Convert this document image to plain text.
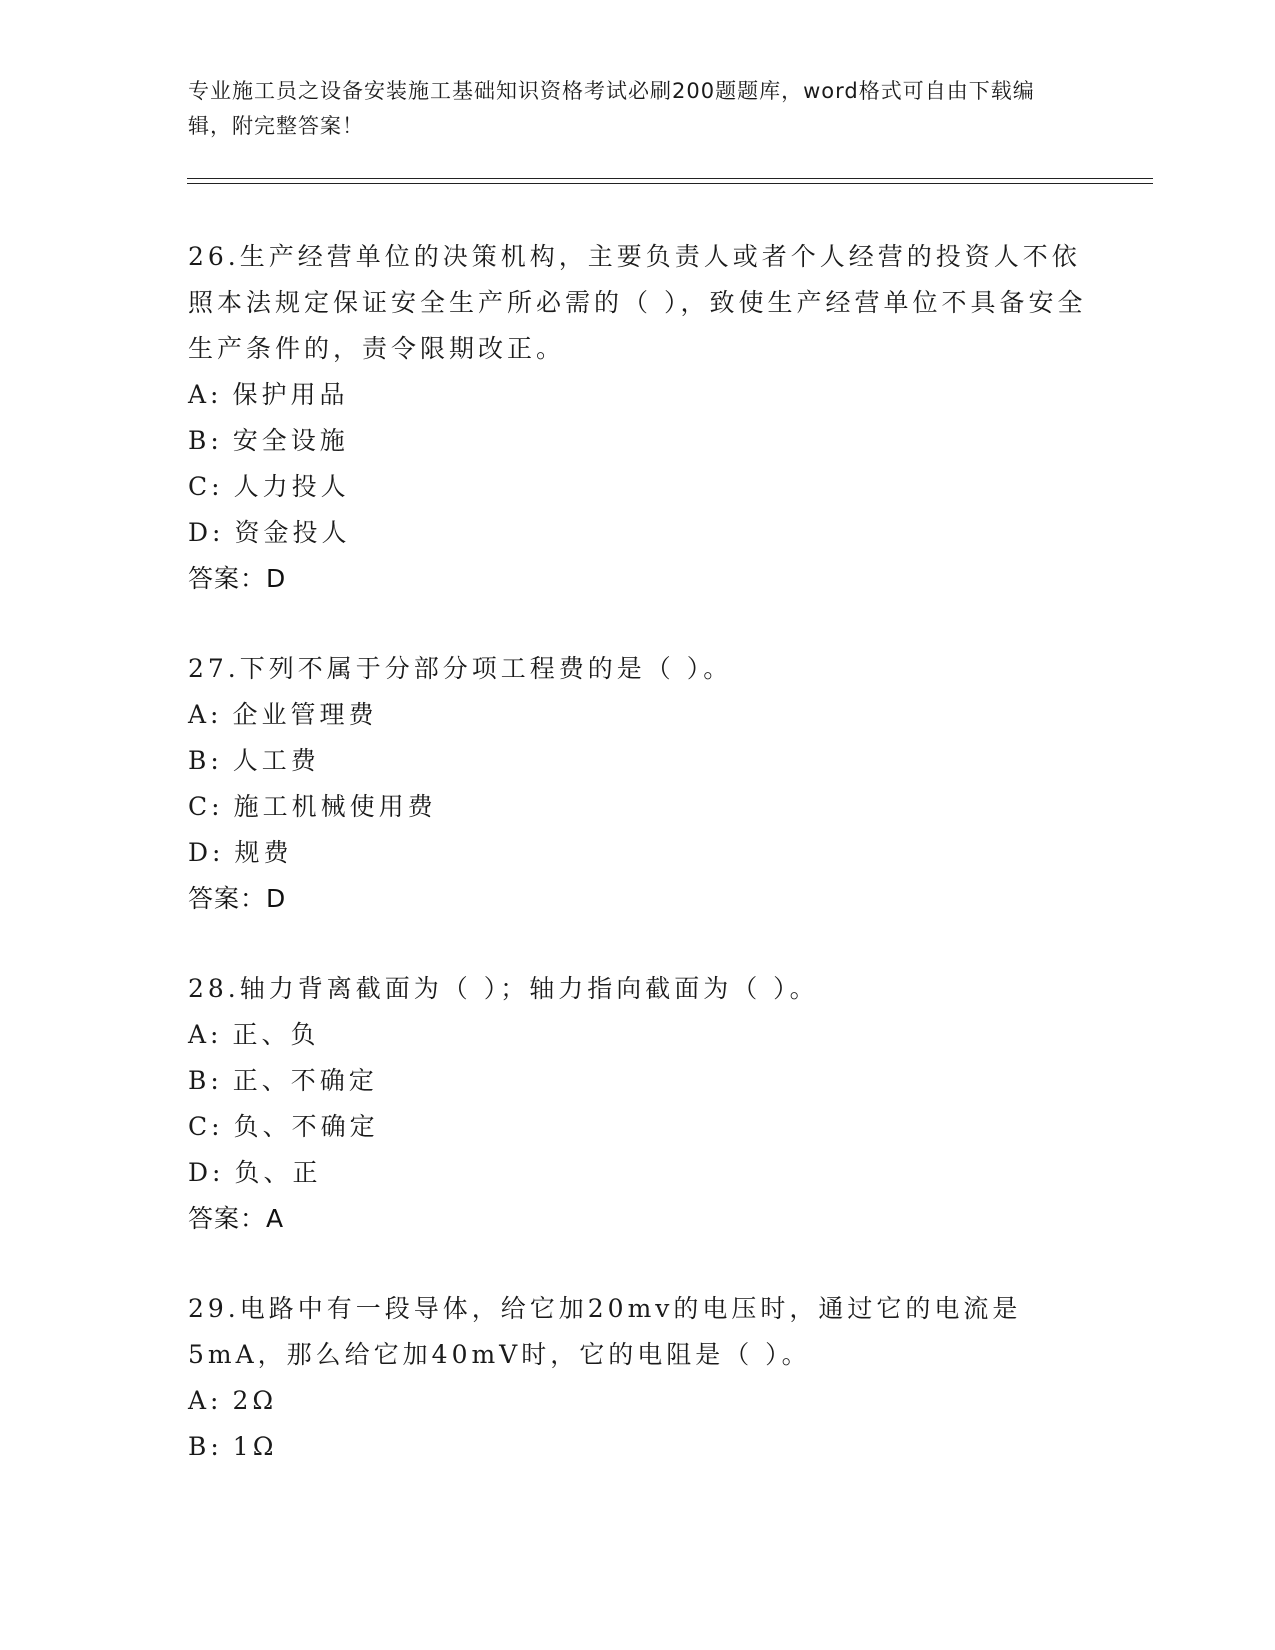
专业施工员之设备安装施工基础知识资格考试必刷200题题库，word格式可自由下载编辑，附完整答案！
26.生产经营单位的决策机构，主要负责人或者个人经营的投资人不依照本法规定保证安全生产所必需的（ ），致使生产经营单位不具备安全生产条件的，责令限期改正。
A: 保护用品
B: 安全设施
C: 人力投人
D: 资金投人
答案：D
27.下列不属于分部分项工程费的是（ ）。
A: 企业管理费
B: 人工费
C: 施工机械使用费
D: 规费
答案：D
28.轴力背离截面为（ ）；轴力指向截面为（ ）。
A: 正、负
B: 正、不确定
C: 负、不确定
D: 负、正
答案：A
29.电路中有一段导体，给它加20mv的电压时，通过它的电流是5mA，那么给它加40mV时，它的电阻是（ ）。
A: 2Ω
B: 1Ω
